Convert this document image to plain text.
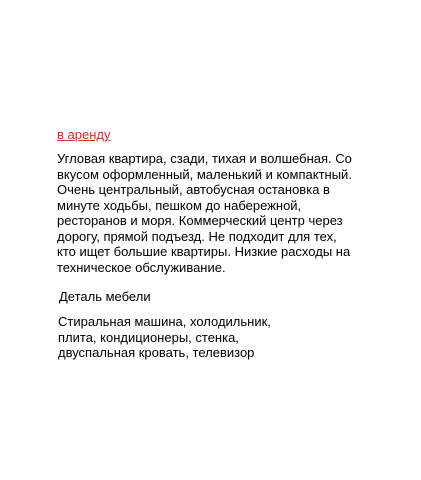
в аренду

Угловая квартира, сзади, тихая и волшебная. Со вкусом оформленный, маленький и компактный. Очень центральный, автобусная остановка в минуте ходьбы, пешком до набережной, ресторанов и моря. Коммерческий центр через дорогу, прямой подъезд. Не подходит для тех, кто ищет большие квартиры. Низкие расходы на техническое обслуживание.

Деталь мебели

Стиральная машина, холодильник, плита, кондиционеры, стенка, двуспальная кровать, телевизор
